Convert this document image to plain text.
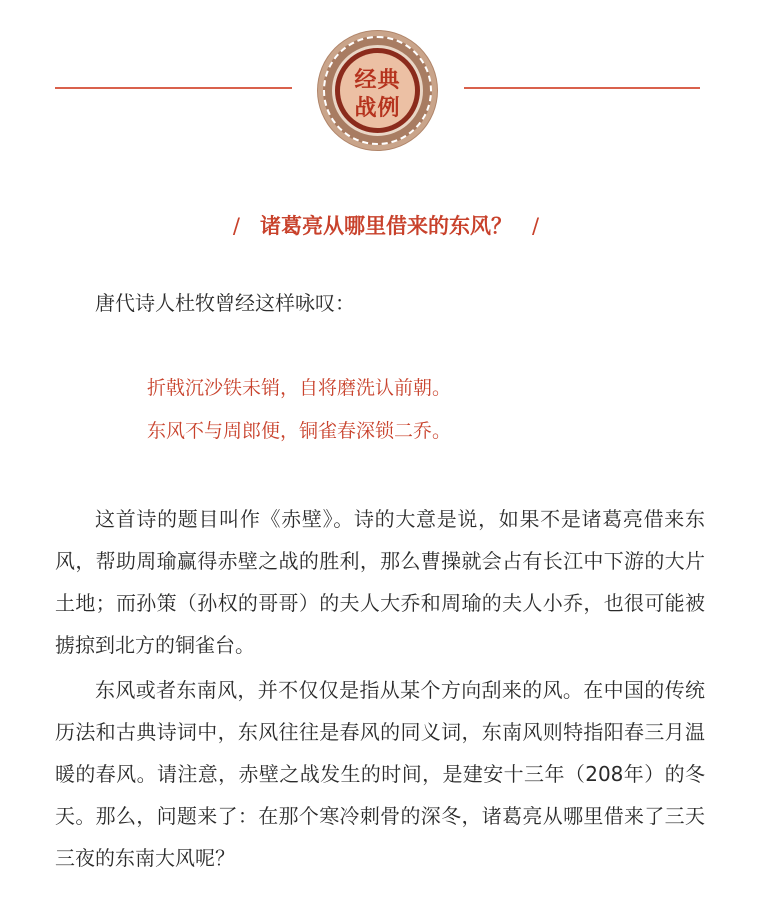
经典
战例
/ 诸葛亮从哪里借来的东风？ /
唐代诗人杜牧曾经这样咏叹：
折戟沉沙铁未销，自将磨洗认前朝。
东风不与周郎便，铜雀春深锁二乔。
这首诗的题目叫作《赤壁》。诗的大意是说，如果不是诸葛亮借来东风，帮助周瑜赢得赤壁之战的胜利，那么曹操就会占有长江中下游的大片土地；而孙策（孙权的哥哥）的夫人大乔和周瑜的夫人小乔，也很可能被掳掠到北方的铜雀台。
东风或者东南风，并不仅仅是指从某个方向刮来的风。在中国的传统历法和古典诗词中，东风往往是春风的同义词，东南风则特指阳春三月温暖的春风。请注意，赤壁之战发生的时间，是建安十三年（208年）的冬天。那么，问题来了：在那个寒冷刺骨的深冬，诸葛亮从哪里借来了三天三夜的东南大风呢？
